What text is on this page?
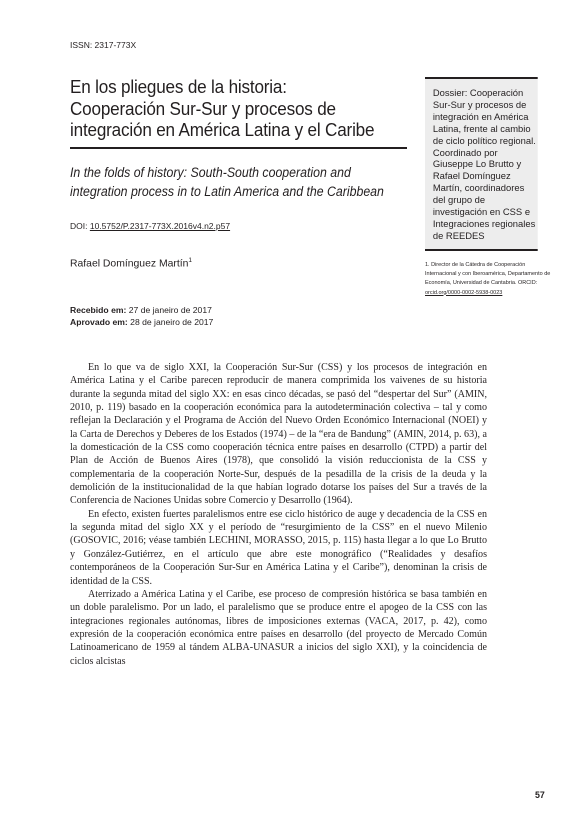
ISSN: 2317-773X
En los pliegues de la historia:
Cooperación Sur-Sur y procesos de
integración en América Latina y el Caribe
In the folds of history: South-South cooperation and
integration process in to Latin America and the Caribbean
DOI: 10.5752/P.2317-773X.2016v4.n2.p57
Rafael Domínguez Martín$^1$
Recebido em: 27 de janeiro de 2017
Aprovado em: 28 de janeiro de 2017
Dossier: Cooperación Sur-Sur y procesos de integración en América Latina, frente al cambio de ciclo político regional. Coordinado por Giuseppe Lo Brutto y Rafael Domínguez Martín, coordinadores del grupo de investigación en CSS e Integraciones regionales de REEDES
1. Director de la Cátedra de Cooperación Internacional y con Iberoamérica, Departamento de Economía, Universidad de Cantabria. ORCID: orcid.org/0000-0002-5938-0023

En lo que va de siglo XXI, la Cooperación Sur-Sur (CSS) y los procesos de integración en América Latina y el Caribe parecen reproducir de manera comprimida los vaivenes de su historia durante la segunda mitad del siglo XX: en esas cinco décadas, se pasó del “despertar del Sur” (AMIN, 2010, p. 119) basado en la cooperación económica para la autodeterminación colectiva – tal y como reflejan la Declaración y el Programa de Acción del Nuevo Orden Económico Internacional (NOEI) y la Carta de Derechos y Deberes de los Estados (1974) – de la “era de Bandung” (AMIN, 2014, p. 63), a la domesticación de la CSS como cooperación técnica entre países en desarrollo (CTPD) a partir del Plan de Acción de Buenos Aires (1978), que consolidó la visión reduccionista de la CSS y complementaria de la cooperación Norte-Sur, después de la pesadilla de la crisis de la deuda y la demolición de la institucionalidad de la que habían logrado dotarse los países del Sur a través de la Conferencia de Naciones Unidas sobre Comercio y Desarrollo (1964).

En efecto, existen fuertes paralelismos entre ese ciclo histórico de auge y decadencia de la CSS en la segunda mitad del siglo XX y el período de “resurgimiento de la CSS” en el nuevo Milenio (GOSOVIC, 2016; véase también LECHINI, MORASSO, 2015, p. 115) hasta llegar a lo que Lo Brutto y González-Gutiérrez, en el artículo que abre este monográfico (“Realidades y desafíos contemporáneos de la Cooperación Sur-Sur en América Latina y el Caribe”), denominan la crisis de identidad de la CSS.

Aterrizado a América Latina y el Caribe, ese proceso de compresión histórica se basa también en un doble paralelismo. Por un lado, el paralelismo que se produce entre el apogeo de la CSS con las integraciones regionales autónomas, libres de imposiciones externas (VACA, 2017, p. 42), como expresión de la cooperación económica entre países en desarrollo (del proyecto de Mercado Común Latinoamericano de 1959 al tándem ALBA-UNASUR a inicios del siglo XXI), y la coincidencia de ciclos alcistas

57
